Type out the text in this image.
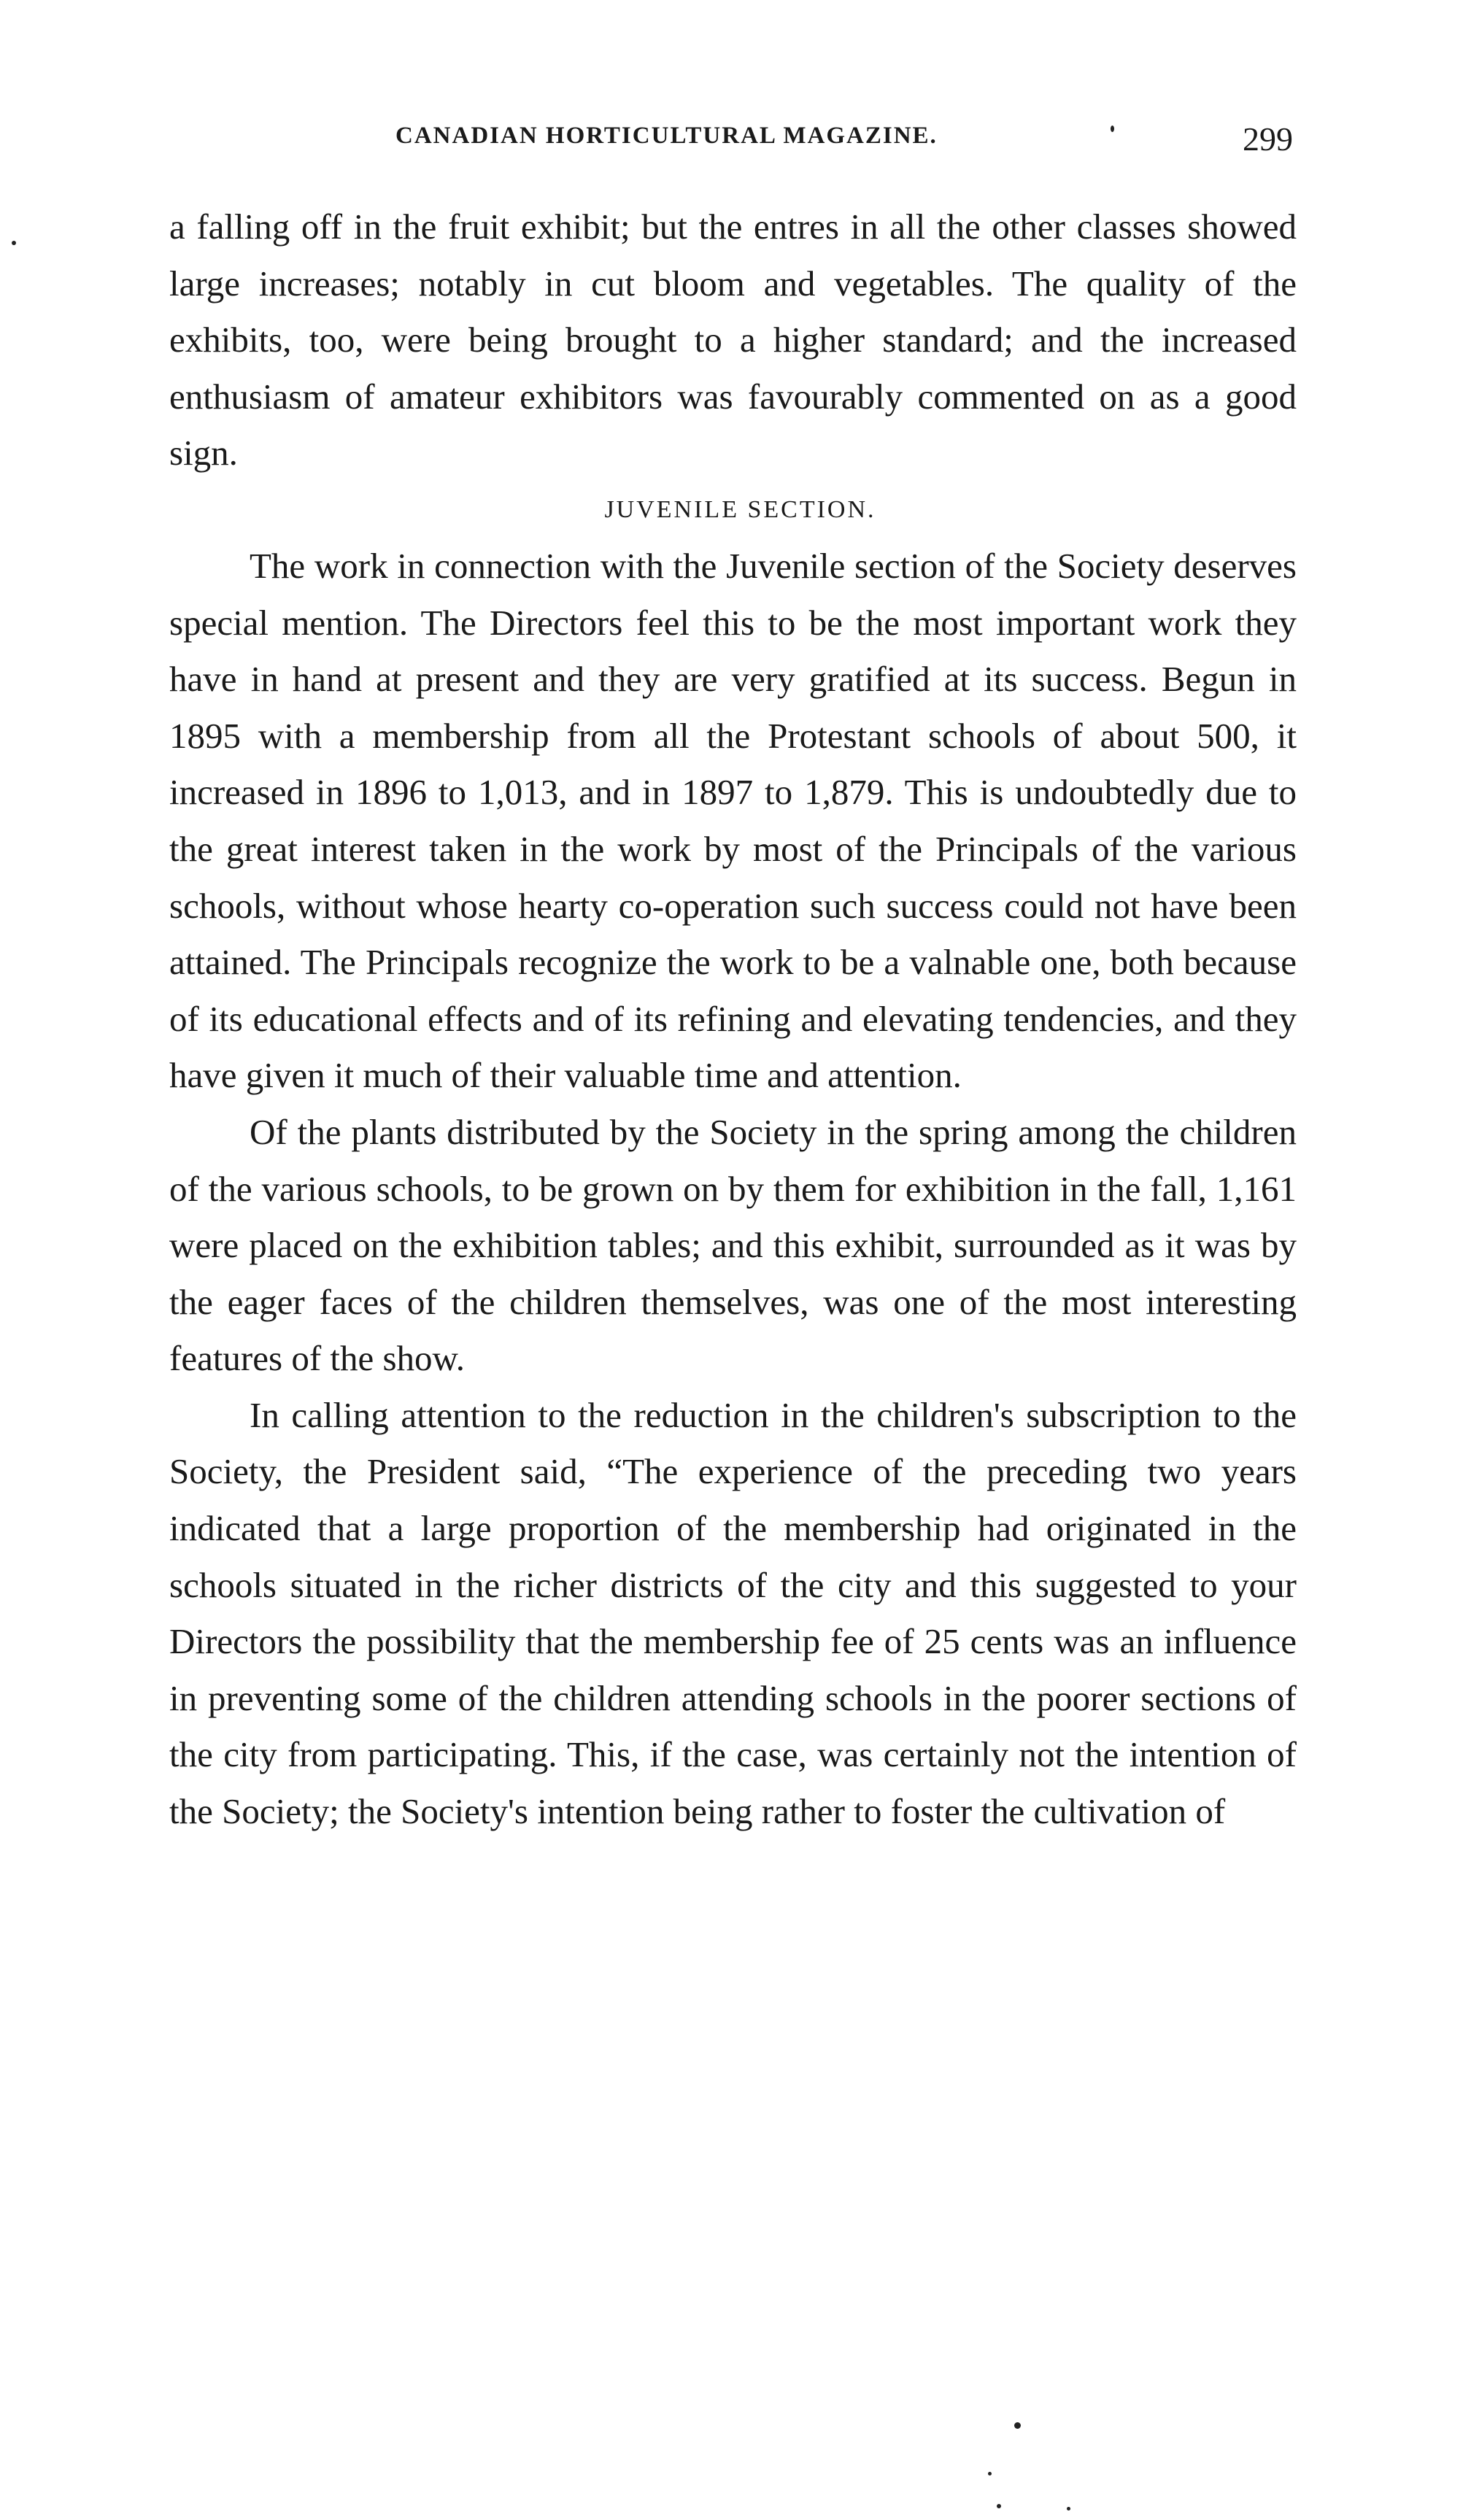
CANADIAN HORTICULTURAL MAGAZINE.	299

a falling off in the fruit exhibit; but the entres in all the other classes showed large increases; notably in cut bloom and vegetables. The quality of the exhibits, too, were being brought to a higher standard; and the increased enthusiasm of amateur exhibitors was favourably commented on as a good sign.

JUVENILE SECTION.

The work in connection with the Juvenile section of the Society deserves special mention. The Directors feel this to be the most important work they have in hand at present and they are very gratified at its success. Begun in 1895 with a membership from all the Protestant schools of about 500, it increased in 1896 to 1,013, and in 1897 to 1,879. This is undoubtedly due to the great interest taken in the work by most of the Principals of the various schools, without whose hearty co-operation such success could not have been attained. The Principals recognize the work to be a valnable one, both because of its educational effects and of its refining and elevating tendencies, and they have given it much of their valuable time and attention.

Of the plants distributed by the Society in the spring among the children of the various schools, to be grown on by them for exhibition in the fall, 1,161 were placed on the exhibition tables; and this exhibit, surrounded as it was by the eager faces of the children themselves, was one of the most interesting features of the show.

In calling attention to the reduction in the children's subscription to the Society, the President said, “The experience of the preceding two years indicated that a large proportion of the membership had originated in the schools situated in the richer districts of the city and this suggested to your Directors the possibility that the membership fee of 25 cents was an influence in preventing some of the children attending schools in the poorer sections of the city from participating. This, if the case, was certainly not the intention of the Society; the Society's intention being rather to foster the cultivation of
